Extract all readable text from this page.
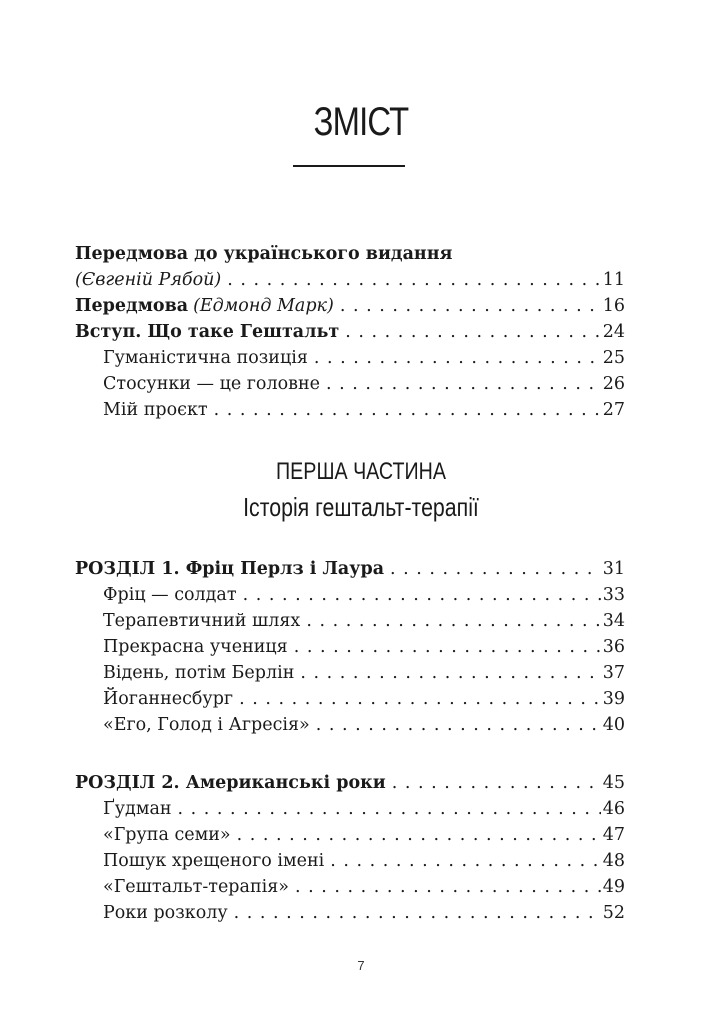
ЗМІСТ
Передмова до українського видання
(Євгеній Рябой) . . .	11
Передмова (Едмонд Марк) . . .	16
Вступ. Що таке Гештальт . . .	24
Гуманістична позиція . . .	25
Стосунки — це головне . . .	26
Мій проєкт . . .	27
ПЕРША ЧАСТИНА
Історія гештальт-терапії
РОЗДІЛ 1. Фріц Перлз і Лаура . . .	31
Фріц — солдат . . .	33
Терапевтичний шлях . . .	34
Прекрасна учениця . . .	36
Відень, потім Берлін . . .	37
Йоганнесбург . . .	39
«Его, Голод і Агресія» . . .	40
РОЗДІЛ 2. Американські роки . . .	45
Ґудман . . .	46
«Група семи» . . .	47
Пошук хрещеного імені . . .	48
«Гештальт-терапія» . . .	49
Роки розколу . . .	52
7
